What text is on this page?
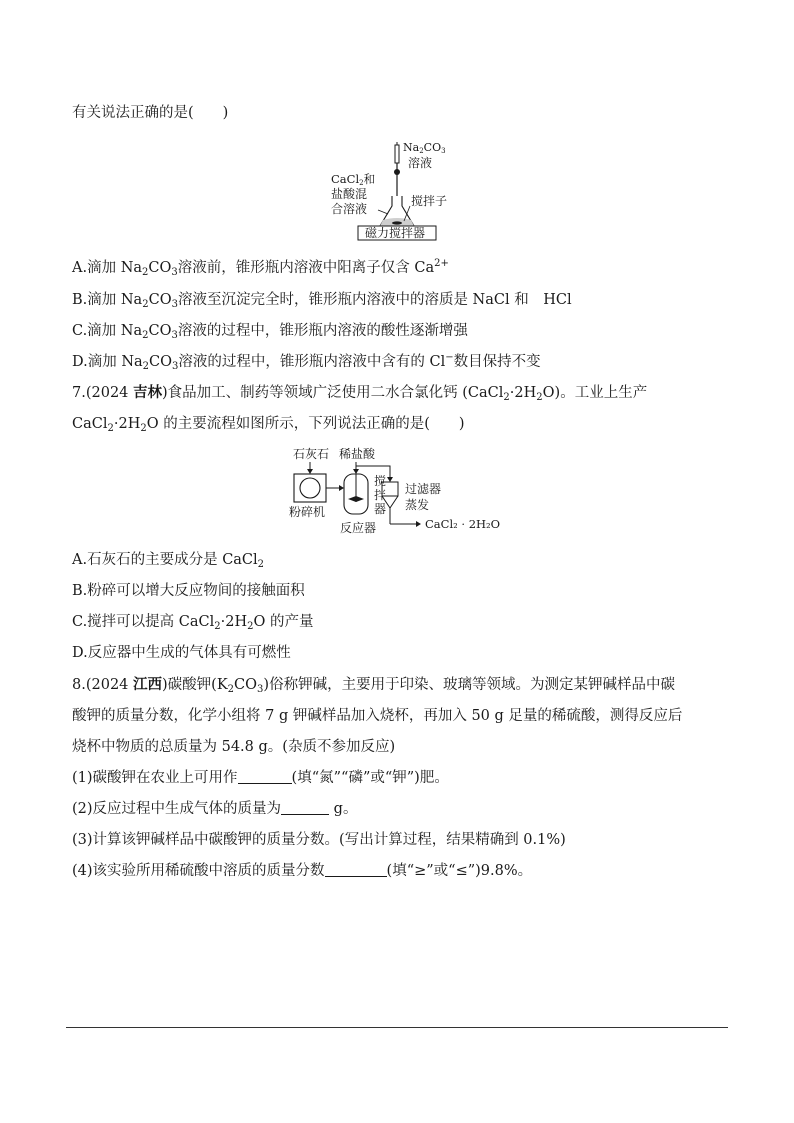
有关说法正确的是(　　)
Na2CO3
溶液
CaCl2和
盐酸混
合溶液
搅拌子
磁力搅拌器
A.滴加 $Na_2CO_3$溶液前，锥形瓶内溶液中阳离子仅含 $Ca^{2+}$
B.滴加 $Na_2CO_3$溶液至沉淀完全时，锥形瓶内溶液中的溶质是 NaCl 和　HCl
C.滴加 $Na_2CO_3$溶液的过程中，锥形瓶内溶液的酸性逐渐增强
D.滴加 $Na_2CO_3$溶液的过程中，锥形瓶内溶液中含有的 Cl−数目保持不变
7.(2024 吉林)食品加工、制药等领域广泛使用二水合氯化钙 $(CaCl_2\cdot 2H_2O)$。工业上生产
$CaCl_2\cdot 2H_2O$ 的主要流程如图所示，下列说法正确的是(　　)
石灰石 稀盐酸
粉碎机
反应器
搅
拌
器
过滤器
蒸发
CaCl₂ · 2H₂O
A.石灰石的主要成分是 CaCl$_2$
B.粉碎可以增大反应物间的接触面积
C.搅拌可以提高 $CaCl_2\cdot 2H_2O$ 的产量
D.反应器中生成的气体具有可燃性
8.(2024 江西)碳酸钾$(K_2CO_3)$俗称钾碱，主要用于印染、玻璃等领域。为测定某钾碱样品中碳
酸钾的质量分数，化学小组将 7 g 钾碱样品加入烧杯，再加入 50 g 足量的稀硫酸，测得反应后
烧杯中物质的总质量为 54.8 g。(杂质不参加反应)
(1)碳酸钾在农业上可用作	(填“氮”“磷”或“钾”)肥。
(2)反应过程中生成气体的质量为	g。
(3)计算该钾碱样品中碳酸钾的质量分数。(写出计算过程，结果精确到 0.1%)
(4)该实验所用稀硫酸中溶质的质量分数	(填“≥”或“≤”)9.8%。
